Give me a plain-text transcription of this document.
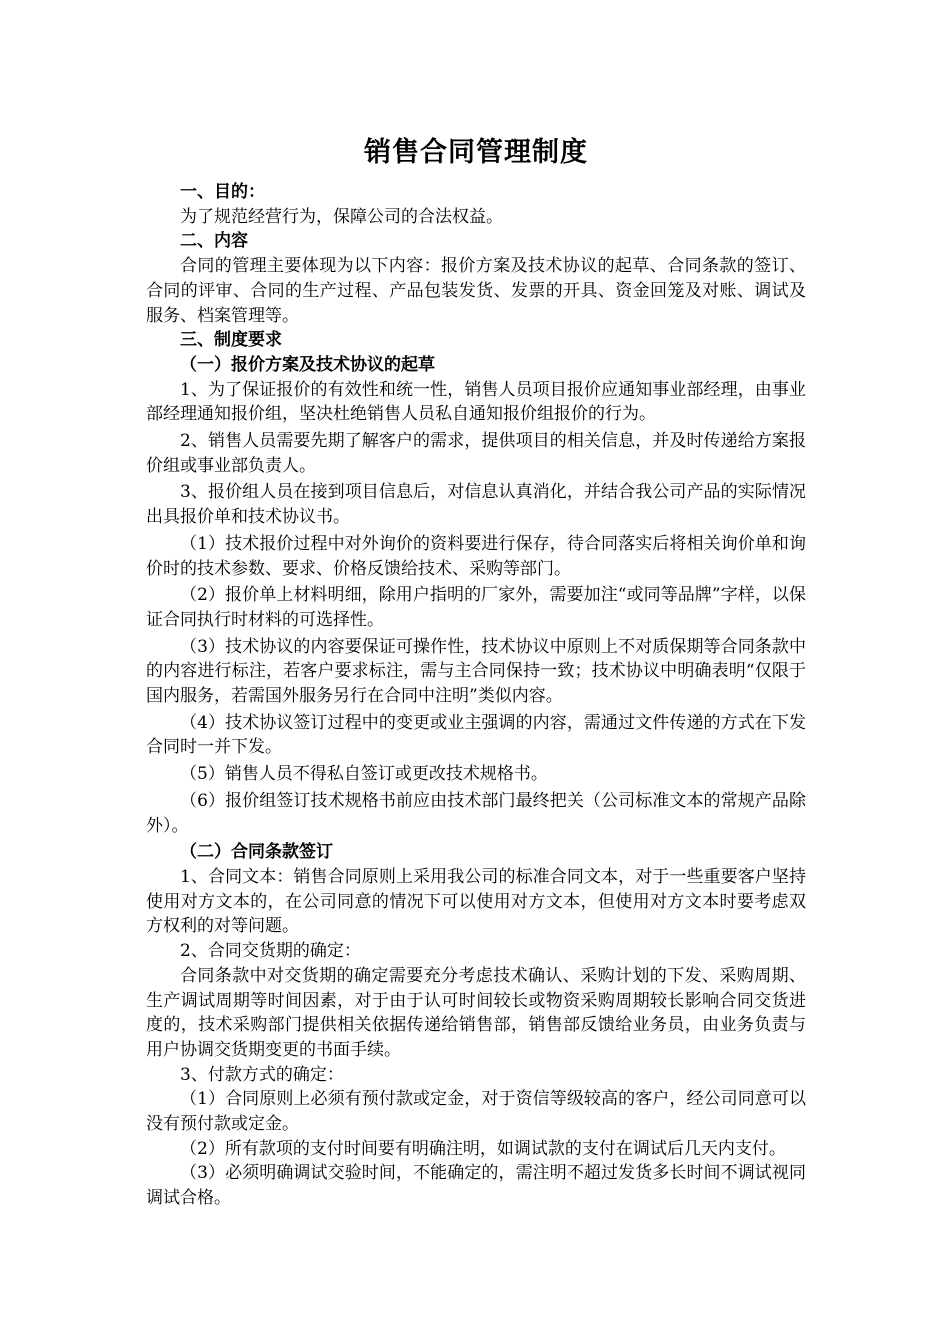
销售合同管理制度
一、目的：

为了规范经营行为，保障公司的合法权益。

二、内容

合同的管理主要体现为以下内容：报价方案及技术协议的起草、合同条款的签订、合同的评审、合同的生产过程、产品包装发货、发票的开具、资金回笼及对账、调试及服务、档案管理等。

三、制度要求
（一）报价方案及技术协议的起草

1、为了保证报价的有效性和统一性，销售人员项目报价应通知事业部经理，由事业部经理通知报价组，坚决杜绝销售人员私自通知报价组报价的行为。

2、销售人员需要先期了解客户的需求，提供项目的相关信息，并及时传递给方案报价组或事业部负责人。

3、报价组人员在接到项目信息后，对信息认真消化，并结合我公司产品的实际情况出具报价单和技术协议书。

（1）技术报价过程中对外询价的资料要进行保存，待合同落实后将相关询价单和询价时的技术参数、要求、价格反馈给技术、采购等部门。

（2）报价单上材料明细，除用户指明的厂家外，需要加注“或同等品牌”字样，以保证合同执行时材料的可选择性。

（3）技术协议的内容要保证可操作性，技术协议中原则上不对质保期等合同条款中的内容进行标注，若客户要求标注，需与主合同保持一致；技术协议中明确表明“仅限于国内服务，若需国外服务另行在合同中注明”类似内容。

（4）技术协议签订过程中的变更或业主强调的内容，需通过文件传递的方式在下发合同时一并下发。

（5）销售人员不得私自签订或更改技术规格书。

（6）报价组签订技术规格书前应由技术部门最终把关（公司标准文本的常规产品除外）。

（二）合同条款签订

1、合同文本：销售合同原则上采用我公司的标准合同文本，对于一些重要客户坚持使用对方文本的，在公司同意的情况下可以使用对方文本，但使用对方文本时要考虑双方权利的对等问题。

2、合同交货期的确定：

合同条款中对交货期的确定需要充分考虑技术确认、采购计划的下发、采购周期、生产调试周期等时间因素，对于由于认可时间较长或物资采购周期较长影响合同交货进度的，技术采购部门提供相关依据传递给销售部，销售部反馈给业务员，由业务负责与用户协调交货期变更的书面手续。

3、付款方式的确定：

（1）合同原则上必须有预付款或定金，对于资信等级较高的客户，经公司同意可以没有预付款或定金。

（2）所有款项的支付时间要有明确注明，如调试款的支付在调试后几天内支付。

（3）必须明确调试交验时间，不能确定的，需注明不超过发货多长时间不调试视同调试合格。
